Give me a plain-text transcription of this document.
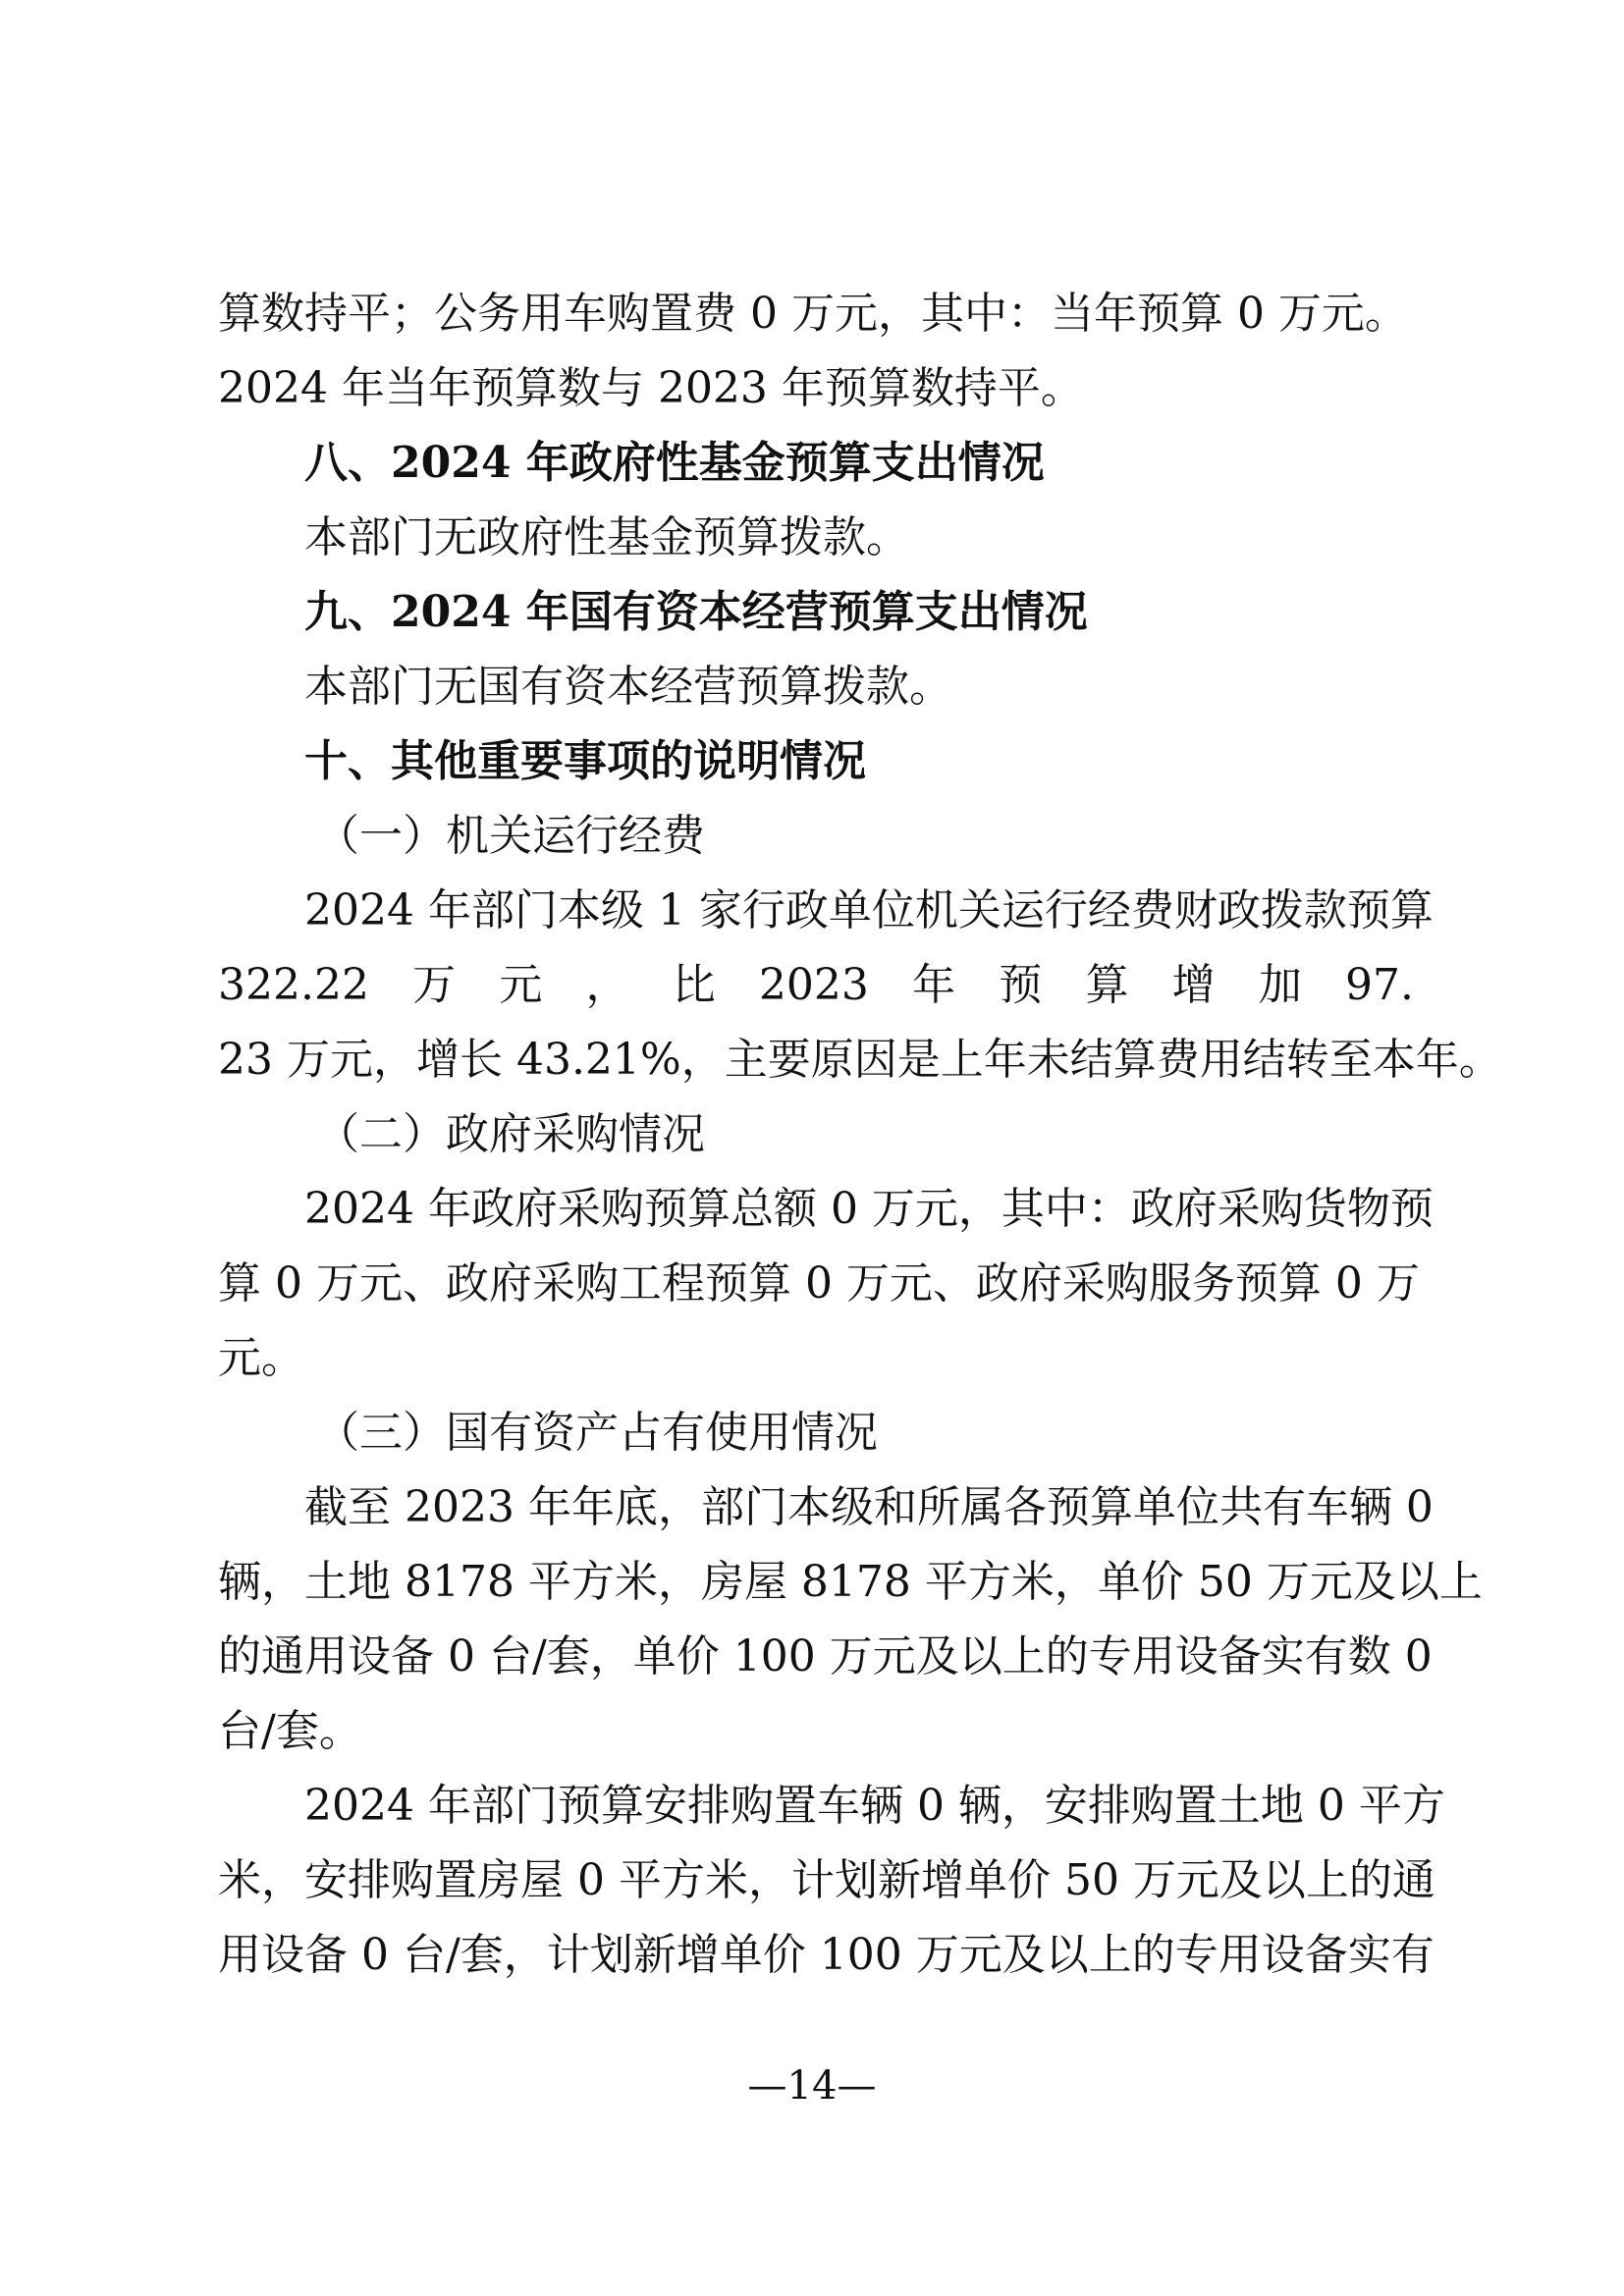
算数持平；公务用车购置费 0 万元，其中：当年预算 0 万元。
2024 年当年预算数与 2023 年预算数持平。
八、2024 年政府性基金预算支出情况
本部门无政府性基金预算拨款。
九、2024 年国有资本经营预算支出情况
本部门无国有资本经营预算拨款。
十、其他重要事项的说明情况
（一）机关运行经费
2024 年部门本级 1 家行政单位机关运行经费财政拨款预算
322.22 万 元 ， 比 2023 年 预 算 增 加 97.
23 万元，增长 43.21%，主要原因是上年未结算费用结转至本年。
（二）政府采购情况
2024 年政府采购预算总额 0 万元，其中：政府采购货物预
算 0 万元、政府采购工程预算 0 万元、政府采购服务预算 0 万
元。
（三）国有资产占有使用情况
截至 2023 年年底，部门本级和所属各预算单位共有车辆 0
辆，土地 8178 平方米，房屋 8178 平方米，单价 50 万元及以上
的通用设备 0 台/套，单价 100 万元及以上的专用设备实有数 0
台/套。
2024 年部门预算安排购置车辆 0 辆，安排购置土地 0 平方
米，安排购置房屋 0 平方米，计划新增单价 50 万元及以上的通
用设备 0 台/套，计划新增单价 100 万元及以上的专用设备实有
—14—
